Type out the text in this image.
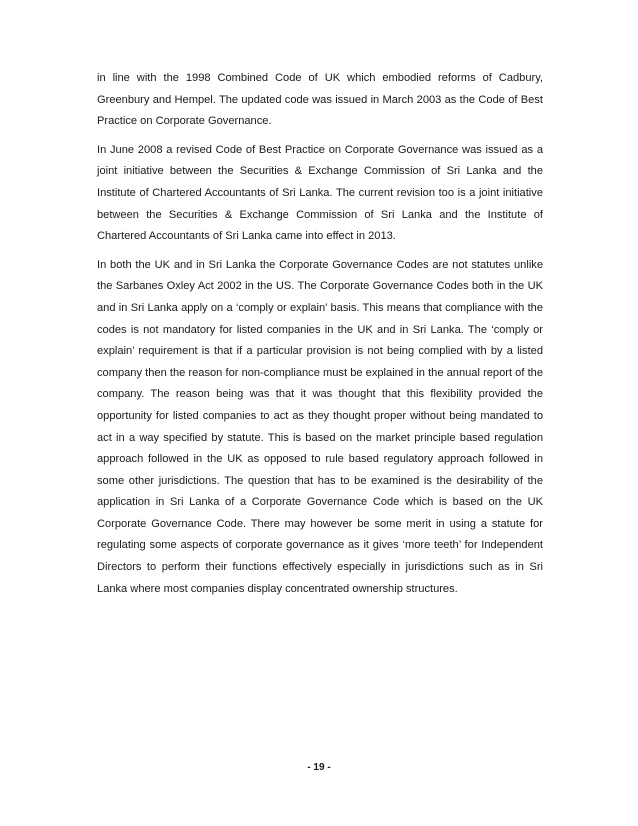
in line with the 1998 Combined Code of UK which embodied reforms of Cadbury, Greenbury and Hempel. The updated code was issued in March 2003 as the Code of Best Practice on Corporate Governance.

In June 2008 a revised Code of Best Practice on Corporate Governance was issued as a joint initiative between the Securities & Exchange Commission of Sri Lanka and the Institute of Chartered Accountants of Sri Lanka. The current revision too is a joint initiative between the Securities & Exchange Commission of Sri Lanka and the Institute of Chartered Accountants of Sri Lanka came into effect in 2013.

In both the UK and in Sri Lanka the Corporate Governance Codes are not statutes unlike the Sarbanes Oxley Act 2002 in the US. The Corporate Governance Codes both in the UK and in Sri Lanka apply on a ‘comply or explain’ basis. This means that compliance with the codes is not mandatory for listed companies in the UK and in Sri Lanka. The ‘comply or explain’ requirement is that if a particular provision is not being complied with by a listed company then the reason for non-compliance must be explained in the annual report of the company. The reason being was that it was thought that this flexibility provided the opportunity for listed companies to act as they thought proper without being mandated to act in a way specified by statute. This is based on the market principle based regulation approach followed in the UK as opposed to rule based regulatory approach followed in some other jurisdictions. The question that has to be examined is the desirability of the application in Sri Lanka of a Corporate Governance Code which is based on the UK Corporate Governance Code. There may however be some merit in using a statute for regulating some aspects of corporate governance as it gives ‘more teeth’ for Independent Directors to perform their functions effectively especially in jurisdictions such as in Sri Lanka where most companies display concentrated ownership structures.

- 19 -
